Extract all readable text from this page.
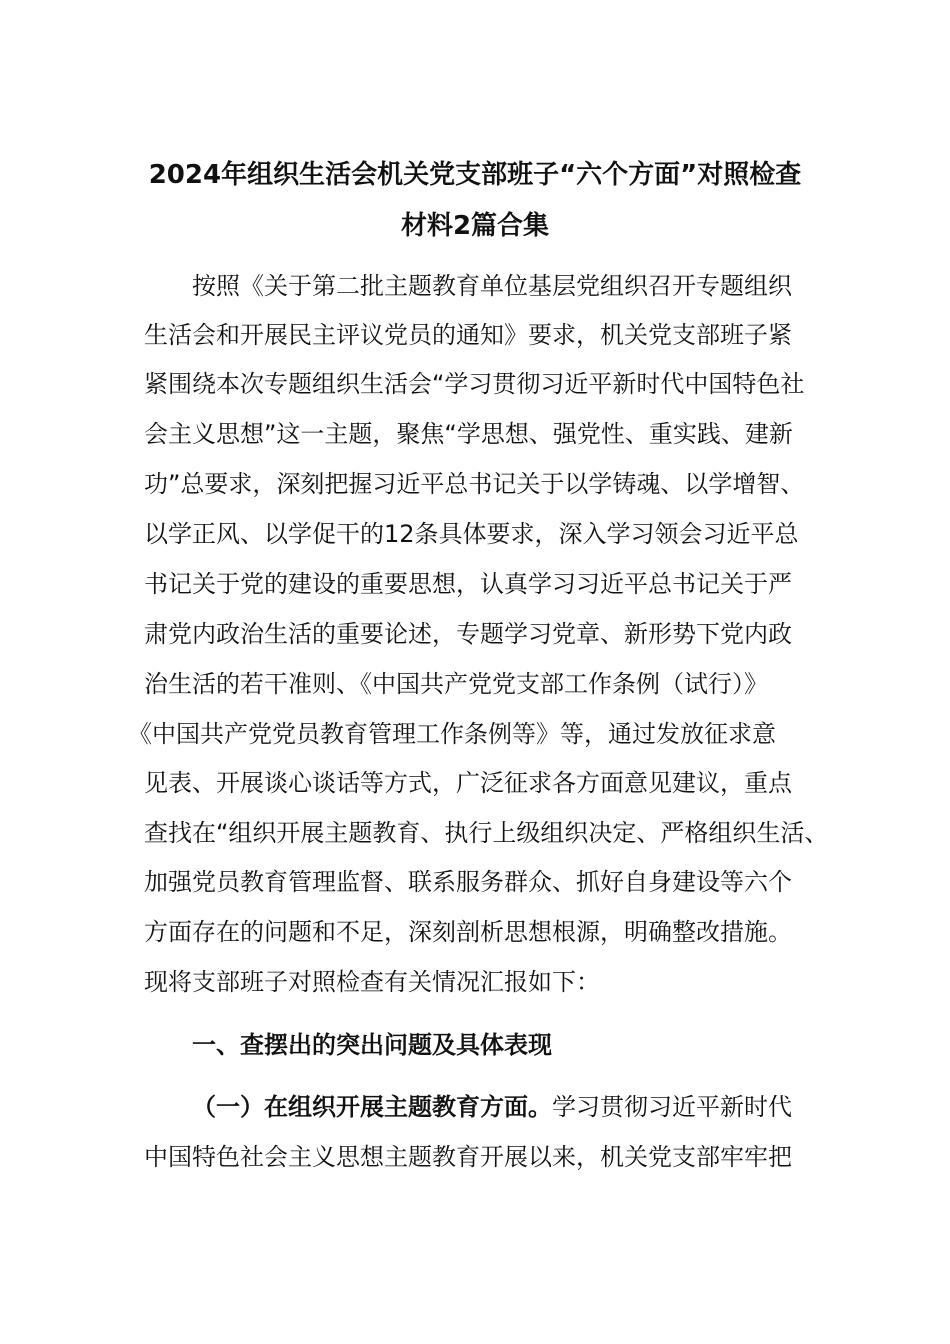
2024年组织生活会机关党支部班子“六个方面”对照检查
材料2篇合集
按照《关于第二批主题教育单位基层党组织召开专题组织
生活会和开展民主评议党员的通知》要求，机关党支部班子紧
紧围绕本次专题组织生活会“学习贯彻习近平新时代中国特色社
会主义思想”这一主题，聚焦“学思想、强党性、重实践、建新
功”总要求，深刻把握习近平总书记关于以学铸魂、以学增智、
以学正风、以学促干的12条具体要求，深入学习领会习近平总
书记关于党的建设的重要思想，认真学习习近平总书记关于严
肃党内政治生活的重要论述，专题学习党章、新形势下党内政
治生活的若干准则、《中国共产党党支部工作条例（试行）》
《中国共产党党员教育管理工作条例等》等，通过发放征求意
见表、开展谈心谈话等方式，广泛征求各方面意见建议，重点
查找在“组织开展主题教育、执行上级组织决定、严格组织生活、
加强党员教育管理监督、联系服务群众、抓好自身建设等六个
方面存在的问题和不足，深刻剖析思想根源，明确整改措施。
现将支部班子对照检查有关情况汇报如下：
一、查摆出的突出问题及具体表现
（一）在组织开展主题教育方面。学习贯彻习近平新时代
中国特色社会主义思想主题教育开展以来，机关党支部牢牢把
